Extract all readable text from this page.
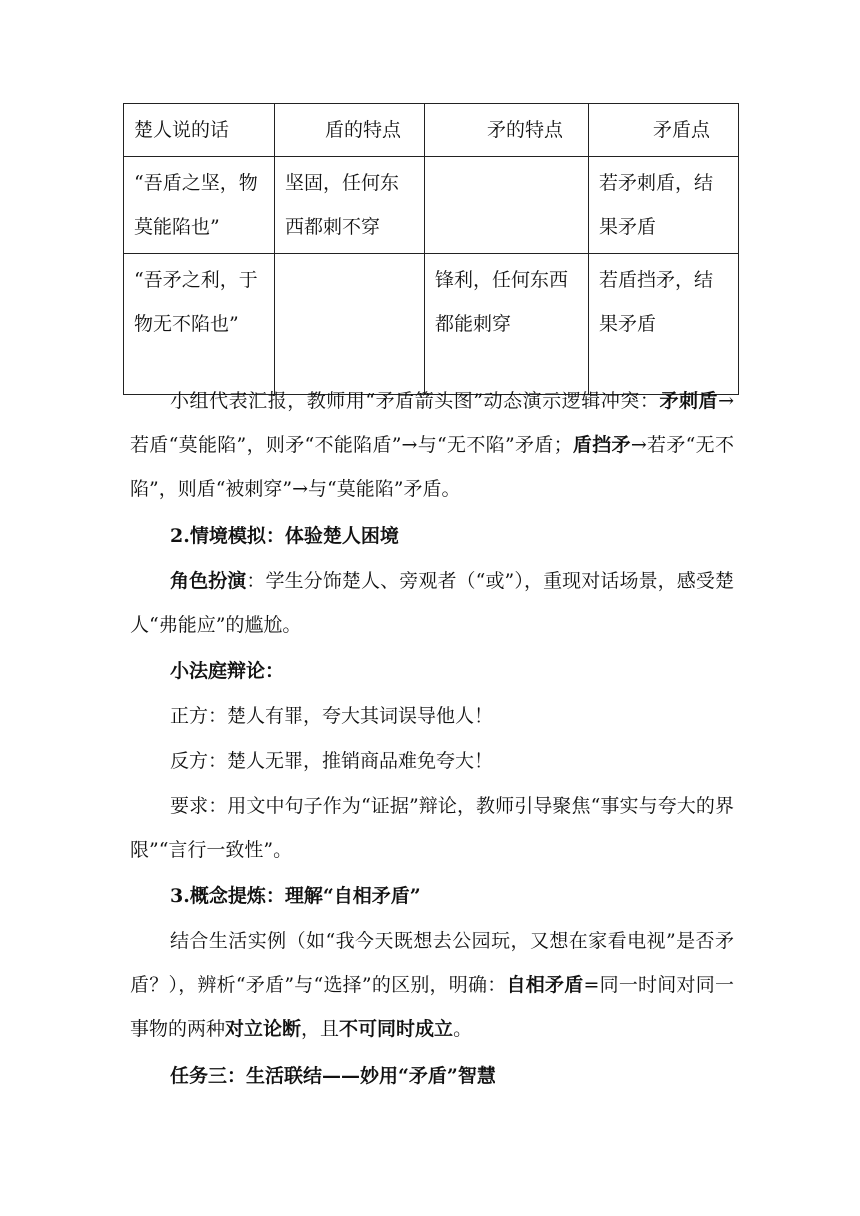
楚人说的话	盾的特点	矛的特点	矛盾点
“吾盾之坚，物莫能陷也”	坚固，任何东西都刺不穿		若矛刺盾，结果矛盾
“吾矛之利，于物无不陷也”		锋利，任何东西都能刺穿	若盾挡矛，结果矛盾

小组代表汇报，教师用“矛盾箭头图”动态演示逻辑冲突：矛刺盾→若盾“莫能陷”，则矛“不能陷盾”→与“无不陷”矛盾；盾挡矛→若矛“无不陷”，则盾“被刺穿”→与“莫能陷”矛盾。

2.情境模拟：体验楚人困境

角色扮演：学生分饰楚人、旁观者（“或”），重现对话场景，感受楚人“弗能应”的尴尬。

小法庭辩论：

正方：楚人有罪，夸大其词误导他人！

反方：楚人无罪，推销商品难免夸大！

要求：用文中句子作为“证据”辩论，教师引导聚焦“事实与夸大的界限”“言行一致性”。

3.概念提炼：理解“自相矛盾”

结合生活实例（如“我今天既想去公园玩，又想在家看电视”是否矛盾？），辨析“矛盾”与“选择”的区别，明确：自相矛盾=同一时间对同一事物的两种对立论断，且不可同时成立。

任务三：生活联结——妙用“矛盾”智慧
